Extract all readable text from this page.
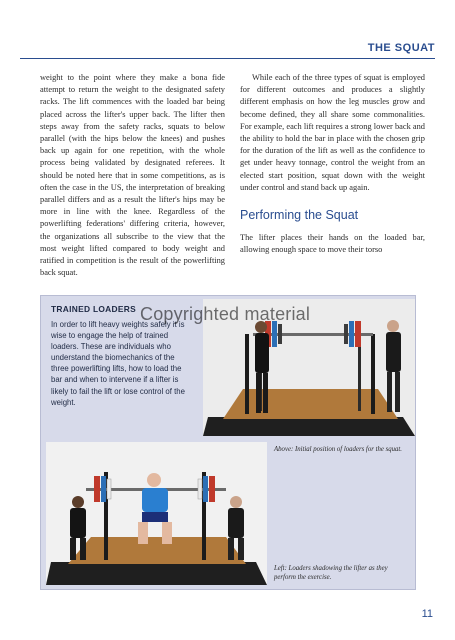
THE SQUAT

weight to the point where they make a bona fide attempt to return the weight to the designated safety racks. The lift commences with the loaded bar being placed across the lifter's upper back. The lifter then steps away from the safety racks, squats to below parallel (with the hips below the knees) and pushes back up again for one repetition, with the whole process being validated by designated referees. It should be noted here that in some competitions, as is often the case in the US, the interpretation of breaking parallel differs and as a result the lifter's hips may be more in line with the knee. Regardless of the powerlifting federations' differing criteria, however, the organizations all subscribe to the view that the most weight lifted compared to body weight and ratified in competition is the result of the powerlifting back squat.

While each of the three types of squat is employed for different outcomes and produces a slightly different emphasis on how the leg muscles grow and become defined, they all share some commonalities. For example, each lift requires a strong lower back and the ability to hold the bar in place with the chosen grip for the duration of the lift as well as the confidence to get under heavy tonnage, control the weight from an elected start position, squat down with the weight under control and stand back up again.

Performing the Squat

The lifter places their hands on the loaded bar, allowing enough space to move their torso

TRAINED LOADERS
In order to lift heavy weights safely it is wise to engage the help of trained loaders. These are individuals who understand the biomechanics of the three powerlifting lifts, how to load the bar and when to intervene if a lifter is likely to fail the lift or lose control of the weight.
Above: Initial position of loaders for the squat.
Left: Loaders shadowing the lifter as they perform the exercise.
Copyrighted material
11
